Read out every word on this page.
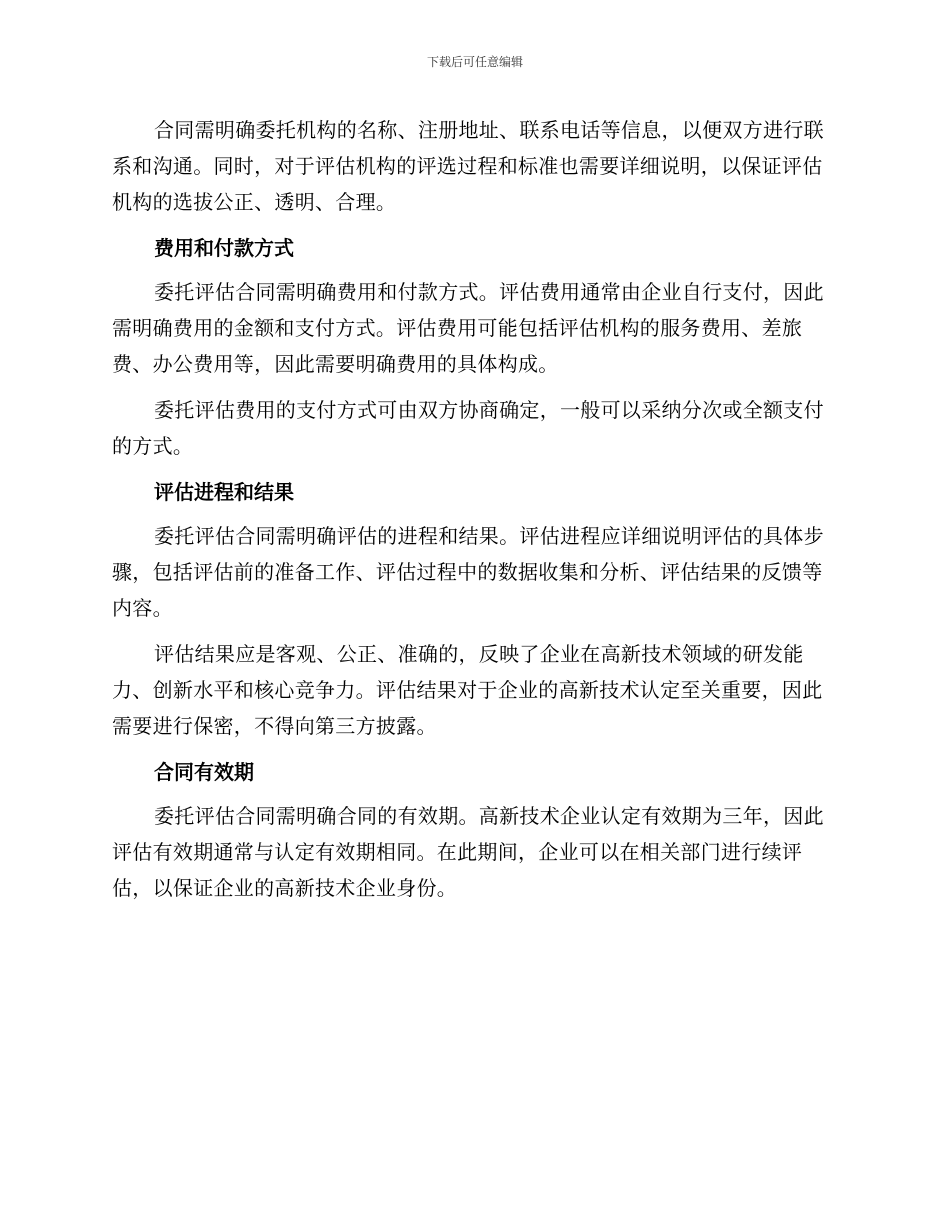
下载后可任意编辑

合同需明确委托机构的名称、注册地址、联系电话等信息，以便双方进行联系和沟通。同时，对于评估机构的评选过程和标准也需要详细说明，以保证评估机构的选拔公正、透明、合理。

费用和付款方式

委托评估合同需明确费用和付款方式。评估费用通常由企业自行支付，因此需明确费用的金额和支付方式。评估费用可能包括评估机构的服务费用、差旅费、办公费用等，因此需要明确费用的具体构成。

委托评估费用的支付方式可由双方协商确定，一般可以采纳分次或全额支付的方式。

评估进程和结果

委托评估合同需明确评估的进程和结果。评估进程应详细说明评估的具体步骤，包括评估前的准备工作、评估过程中的数据收集和分析、评估结果的反馈等内容。

评估结果应是客观、公正、准确的，反映了企业在高新技术领域的研发能力、创新水平和核心竞争力。评估结果对于企业的高新技术认定至关重要，因此需要进行保密，不得向第三方披露。

合同有效期

委托评估合同需明确合同的有效期。高新技术企业认定有效期为三年，因此评估有效期通常与认定有效期相同。在此期间，企业可以在相关部门进行续评估，以保证企业的高新技术企业身份。
